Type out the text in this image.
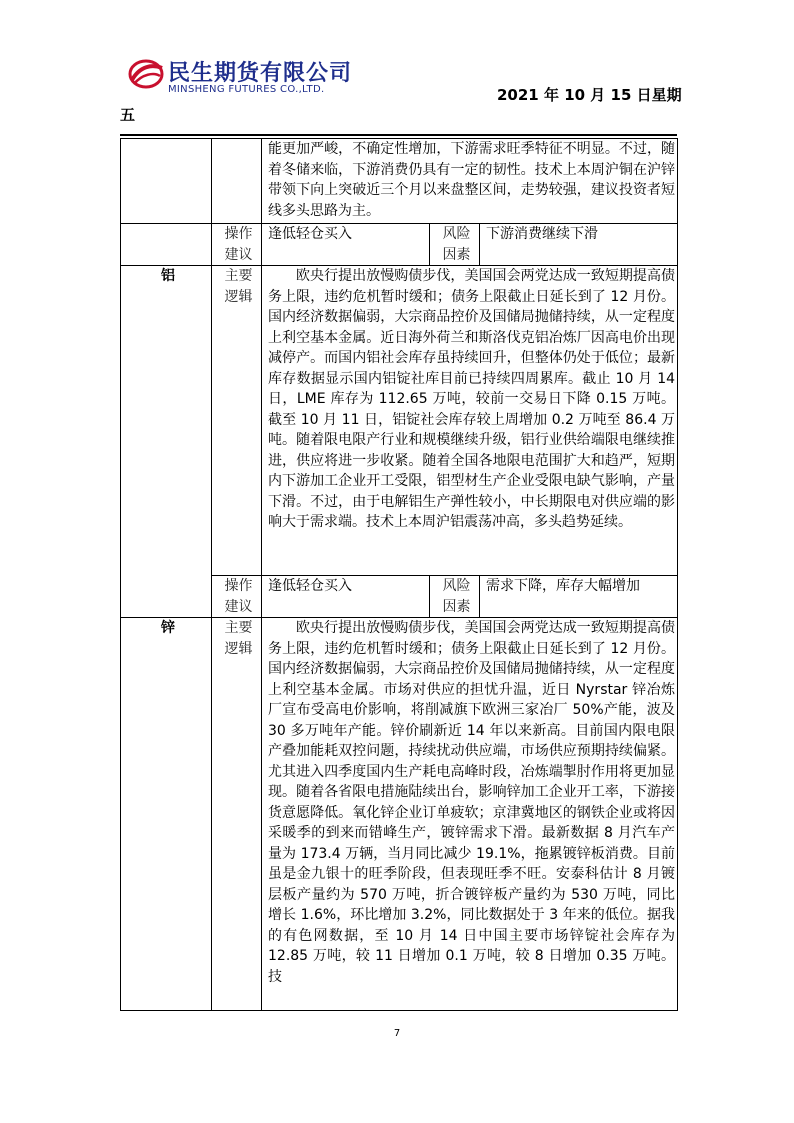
民生期货有限公司
MINSHENG FUTURES CO.,LTD.	2021 年 10 月 15 日星期
五

		能更加严峻，不确定性增加，下游需求旺季特征不明显。不过，随着冬储来临，下游消费仍具有一定的韧性。技术上本周沪铜在沪锌带领下向上突破近三个月以来盘整区间，走势较强，建议投资者短线多头思路为主。		

	操作建议	逢低轻仓买入	风险因素	下游消费继续下滑
铝	主要逻辑	欧央行提出放慢购债步伐，美国国会两党达成一致短期提高债务上限，违约危机暂时缓和；债务上限截止日延长到了 12 月份。国内经济数据偏弱，大宗商品控价及国储局抛储持续，从一定程度上利空基本金属。近日海外荷兰和斯洛伐克铝冶炼厂因高电价出现减停产。而国内铝社会库存虽持续回升，但整体仍处于低位；最新库存数据显示国内铝锭社库目前已持续四周累库。截止 10 月 14 日，LME 库存为 112.65 万吨，较前一交易日下降 0.15 万吨。截至 10 月 11 日，铝锭社会库存较上周增加 0.2 万吨至 86.4 万吨。随着限电限产行业和规模继续升级，铝行业供给端限电继续推进，供应将进一步收紧。随着全国各地限电范围扩大和趋严，短期内下游加工企业开工受限，铝型材生产企业受限电缺气影响，产量下滑。不过，由于电解铝生产弹性较小，中长期限电对供应端的影响大于需求端。技术上本周沪铝震荡冲高，多头趋势延续。		

	操作建议	逢低轻仓买入	风险因素	需求下降，库存大幅增加
锌	主要逻辑	欧央行提出放慢购债步伐，美国国会两党达成一致短期提高债务上限，违约危机暂时缓和；债务上限截止日延长到了 12 月份。国内经济数据偏弱，大宗商品控价及国储局抛储持续，从一定程度上利空基本金属。市场对供应的担忧升温，近日 Nyrstar 锌冶炼厂宣布受高电价影响，将削减旗下欧洲三家冶厂 50%产能，波及 30 多万吨年产能。锌价刷新近 14 年以来新高。目前国内限电限产叠加能耗双控问题，持续扰动供应端，市场供应预期持续偏紧。尤其进入四季度国内生产耗电高峰时段，冶炼端掣肘作用将更加显现。随着各省限电措施陆续出台，影响锌加工企业开工率，下游接货意愿降低。氧化锌企业订单疲软；京津冀地区的钢铁企业或将因采暖季的到来而错峰生产，镀锌需求下滑。最新数据 8 月汽车产量为 173.4 万辆，当月同比减少 19.1%，拖累镀锌板消费。目前虽是金九银十的旺季阶段，但表现旺季不旺。安泰科估计 8 月镀层板产量约为 570 万吨，折合镀锌板产量约为 530 万吨，同比增长 1.6%，环比增加 3.2%，同比数据处于 3 年来的低位。据我的有色网数据，至 10 月 14 日中国主要市场锌锭社会库存为 12.85 万吨，较 11 日增加 0.1 万吨，较 8 日增加 0.35 万吨。技		

7
